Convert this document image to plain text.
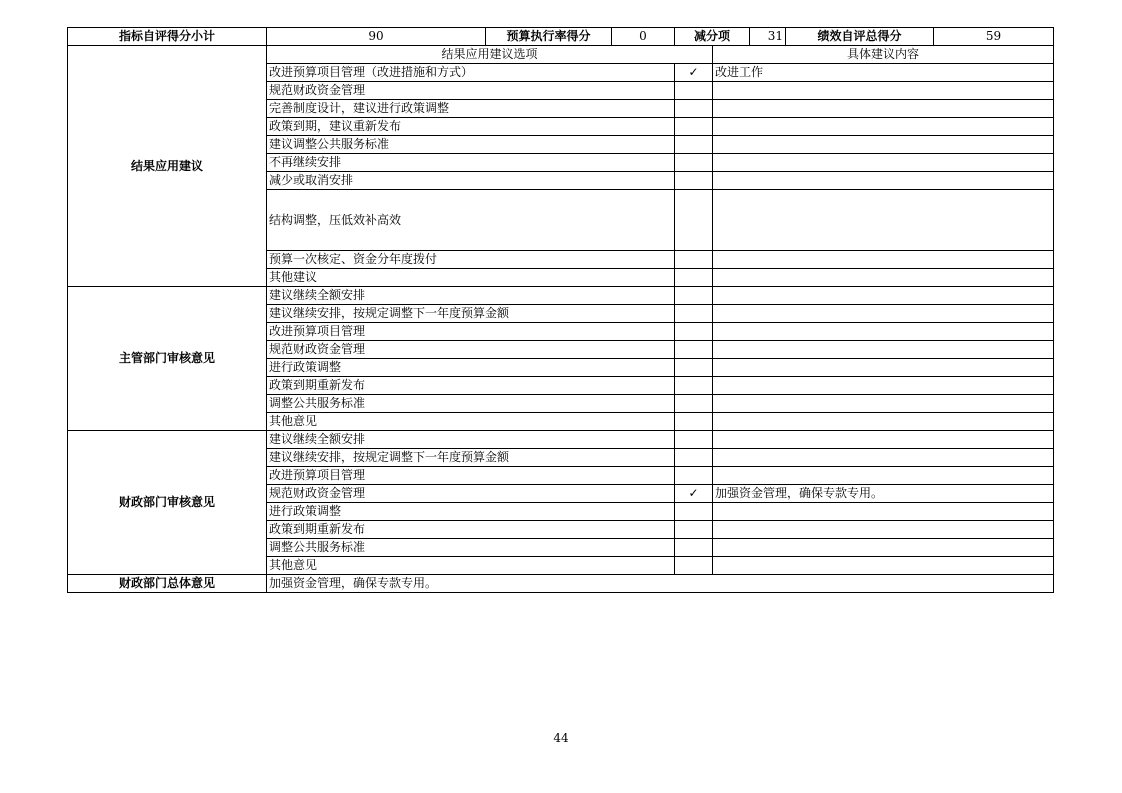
指标自评得分小计	90	预算执行率得分	0	减分项		31	绩效自评总得分	59
结果应用建议	结果应用建议选项				具体建议内容			
	改进预算项目管理（改进措施和方式）			✓	改进工作			
	规范财政资金管理							
	完善制度设计，建议进行政策调整							
	政策到期，建议重新发布							
	建议调整公共服务标准							
	不再继续安排							
	减少或取消安排							
	结构调整，压低效补高效							
	预算一次核定、资金分年度拨付							
	其他建议							
主管部门审核意见	建议继续全额安排							
	建议继续安排，按规定调整下一年度预算金额							
	改进预算项目管理							
	规范财政资金管理							
	进行政策调整							
	政策到期重新发布							
	调整公共服务标准							
	其他意见							
财政部门审核意见	建议继续全额安排							
	建议继续安排，按规定调整下一年度预算金额							
	改进预算项目管理							
	规范财政资金管理			✓	加强资金管理，确保专款专用。			
	进行政策调整							
	政策到期重新发布							
	调整公共服务标准							
	其他意见							
财政部门总体意见	加强资金管理，确保专款专用。							
44
